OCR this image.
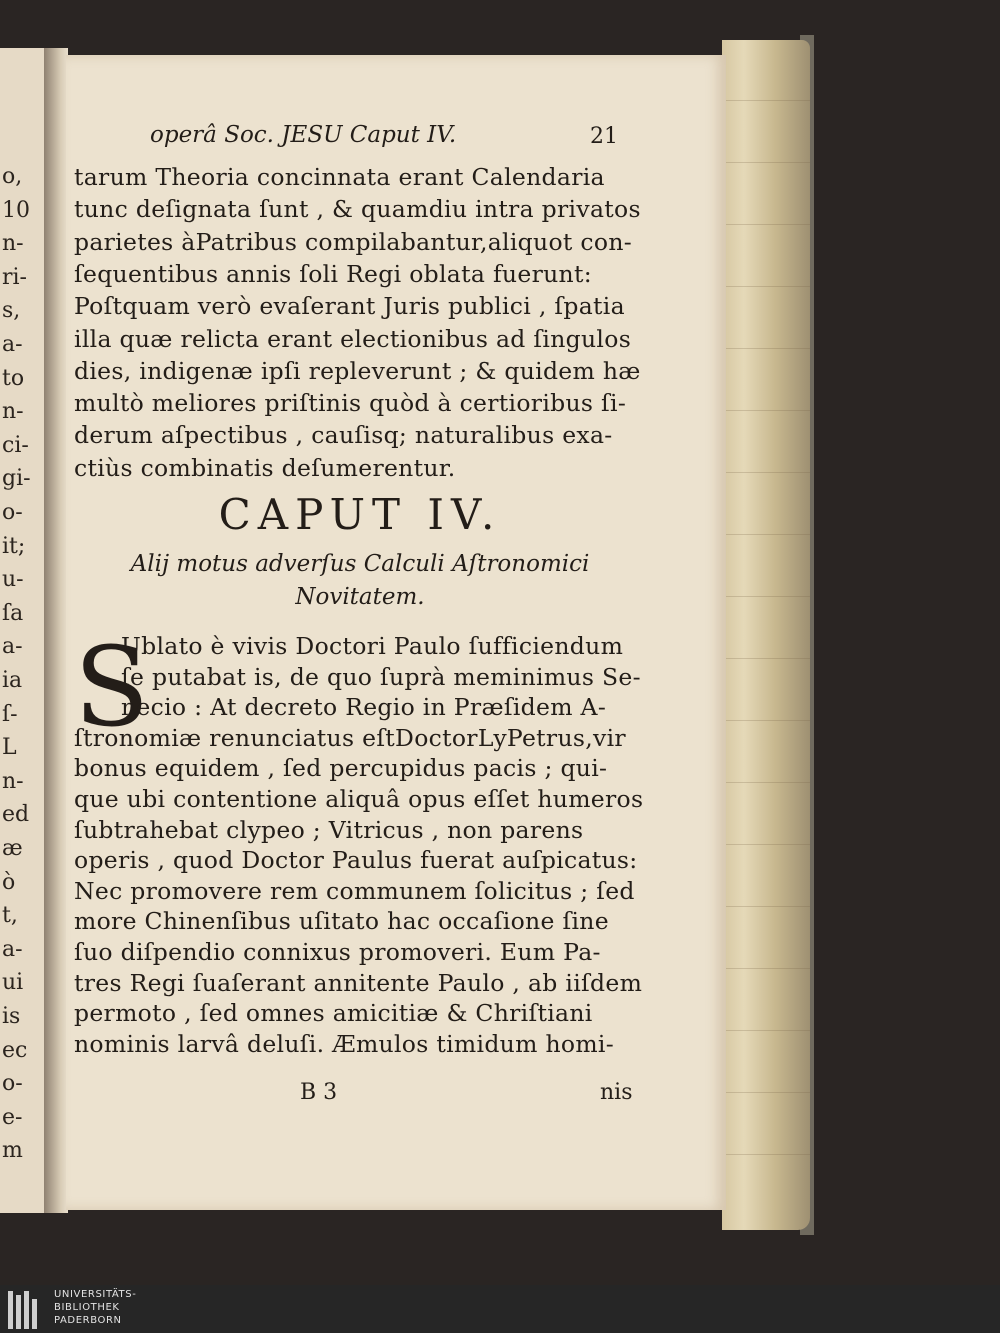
o,
10
n-
ri-
s,
a-
to
n-
ci-
gi-
o-
it;
u-
ſa
a-
ia
ſ-
L
n-
ed
æ
ò
t,
a-
ui
is
ec
o-
e-
m
operâ Soc. JESU Caput IV.	21
tarum Theoria concinnata erant Calendaria
tunc deſignata ſunt , & quamdiu intra privatos
parietes àPatribus compilabantur,aliquot con-
ſequentibus annis ſoli Regi oblata fuerunt:
Poſtquam verò evaſerant Juris publici , ſpatia
illa quæ relicta erant electionibus ad ſingulos
dies, indigenæ ipſi repleverunt ; & quidem hæ
multò meliores priſtinis quòd à certioribus ſi-
derum aſpectibus , cauſisq; naturalibus exa-
ctiùs combinatis deſumerentur.
CAPUT IV.
Alij motus adverſus Calculi Aſtronomici
Novitatem.
S
Ublato è vivis Doctori Paulo ſufficiendum
ſe putabat is, de quo ſuprà meminimus Se-
necio : At decreto Regio in Præſidem A-
ſtronomiæ renunciatus eſtDoctorLyPetrus,vir
bonus equidem , ſed percupidus pacis ; qui-
que ubi contentione aliquâ opus eſſet humeros
ſubtrahebat clypeo ; Vitricus , non parens
operis , quod Doctor Paulus fuerat auſpicatus:
Nec promovere rem communem ſolicitus ; ſed
more Chinenſibus uſitato hac occaſione ſine
ſuo diſpendio connixus promoveri. Eum Pa-
tres Regi ſuaſerant annitente Paulo , ab iiſdem
permoto , ſed omnes amicitiæ & Chriſtiani
nominis larvâ deluſi. Æmulos timidum homi-
B 3	nis
UNIVERSITÄTS-
BIBLIOTHEK
PADERBORN
